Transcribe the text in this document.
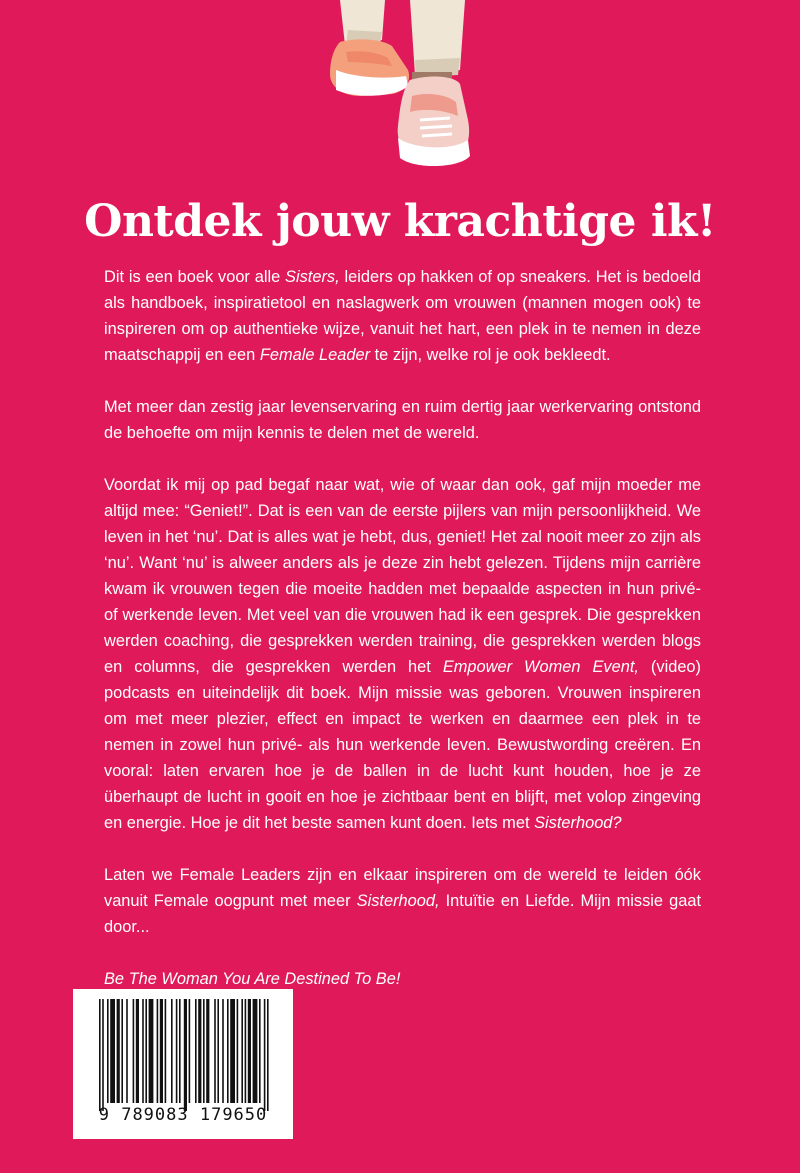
Ontdek jouw krachtige ik!

Dit is een boek voor alle Sisters, leiders op hakken of op sneakers. Het is bedoeld als handboek, inspiratietool en naslagwerk om vrouwen (mannen mogen ook) te inspireren om op authentieke wijze, vanuit het hart, een plek in te nemen in deze maatschappij en een Female Leader te zijn, welke rol je ook bekleedt.

Met meer dan zestig jaar levenservaring en ruim dertig jaar werkervaring ontstond de behoefte om mijn kennis te delen met de wereld.

Voordat ik mij op pad begaf naar wat, wie of waar dan ook, gaf mijn moeder me altijd mee: “Geniet!”. Dat is een van de eerste pijlers van mijn persoonlijkheid. We leven in het ‘nu’. Dat is alles wat je hebt, dus, geniet! Het zal nooit meer zo zijn als ‘nu’. Want ‘nu’ is alweer anders als je deze zin hebt gelezen. Tijdens mijn carrière kwam ik vrouwen tegen die moeite hadden met bepaalde aspecten in hun privé- of werkende leven. Met veel van die vrouwen had ik een gesprek. Die gesprekken werden coaching, die gesprekken werden training, die gesprekken werden blogs en columns, die gesprekken werden het Empower Women Event, (video) podcasts en uiteindelijk dit boek. Mijn missie was geboren. Vrouwen inspireren om met meer plezier, effect en impact te werken en daarmee een plek in te nemen in zowel hun privé- als hun werkende leven. Bewustwording creëren. En vooral: laten ervaren hoe je de ballen in de lucht kunt houden, hoe je ze überhaupt de lucht in gooit en hoe je zichtbaar bent en blijft, met volop zingeving en energie. Hoe je dit het beste samen kunt doen. Iets met Sisterhood?

Laten we Female Leaders zijn en elkaar inspireren om de wereld te leiden óók vanuit Female oogpunt met meer Sisterhood, Intuïtie en Liefde. Mijn missie gaat door...

Be The Woman You Are Destined To Be!

9 789083 179650
